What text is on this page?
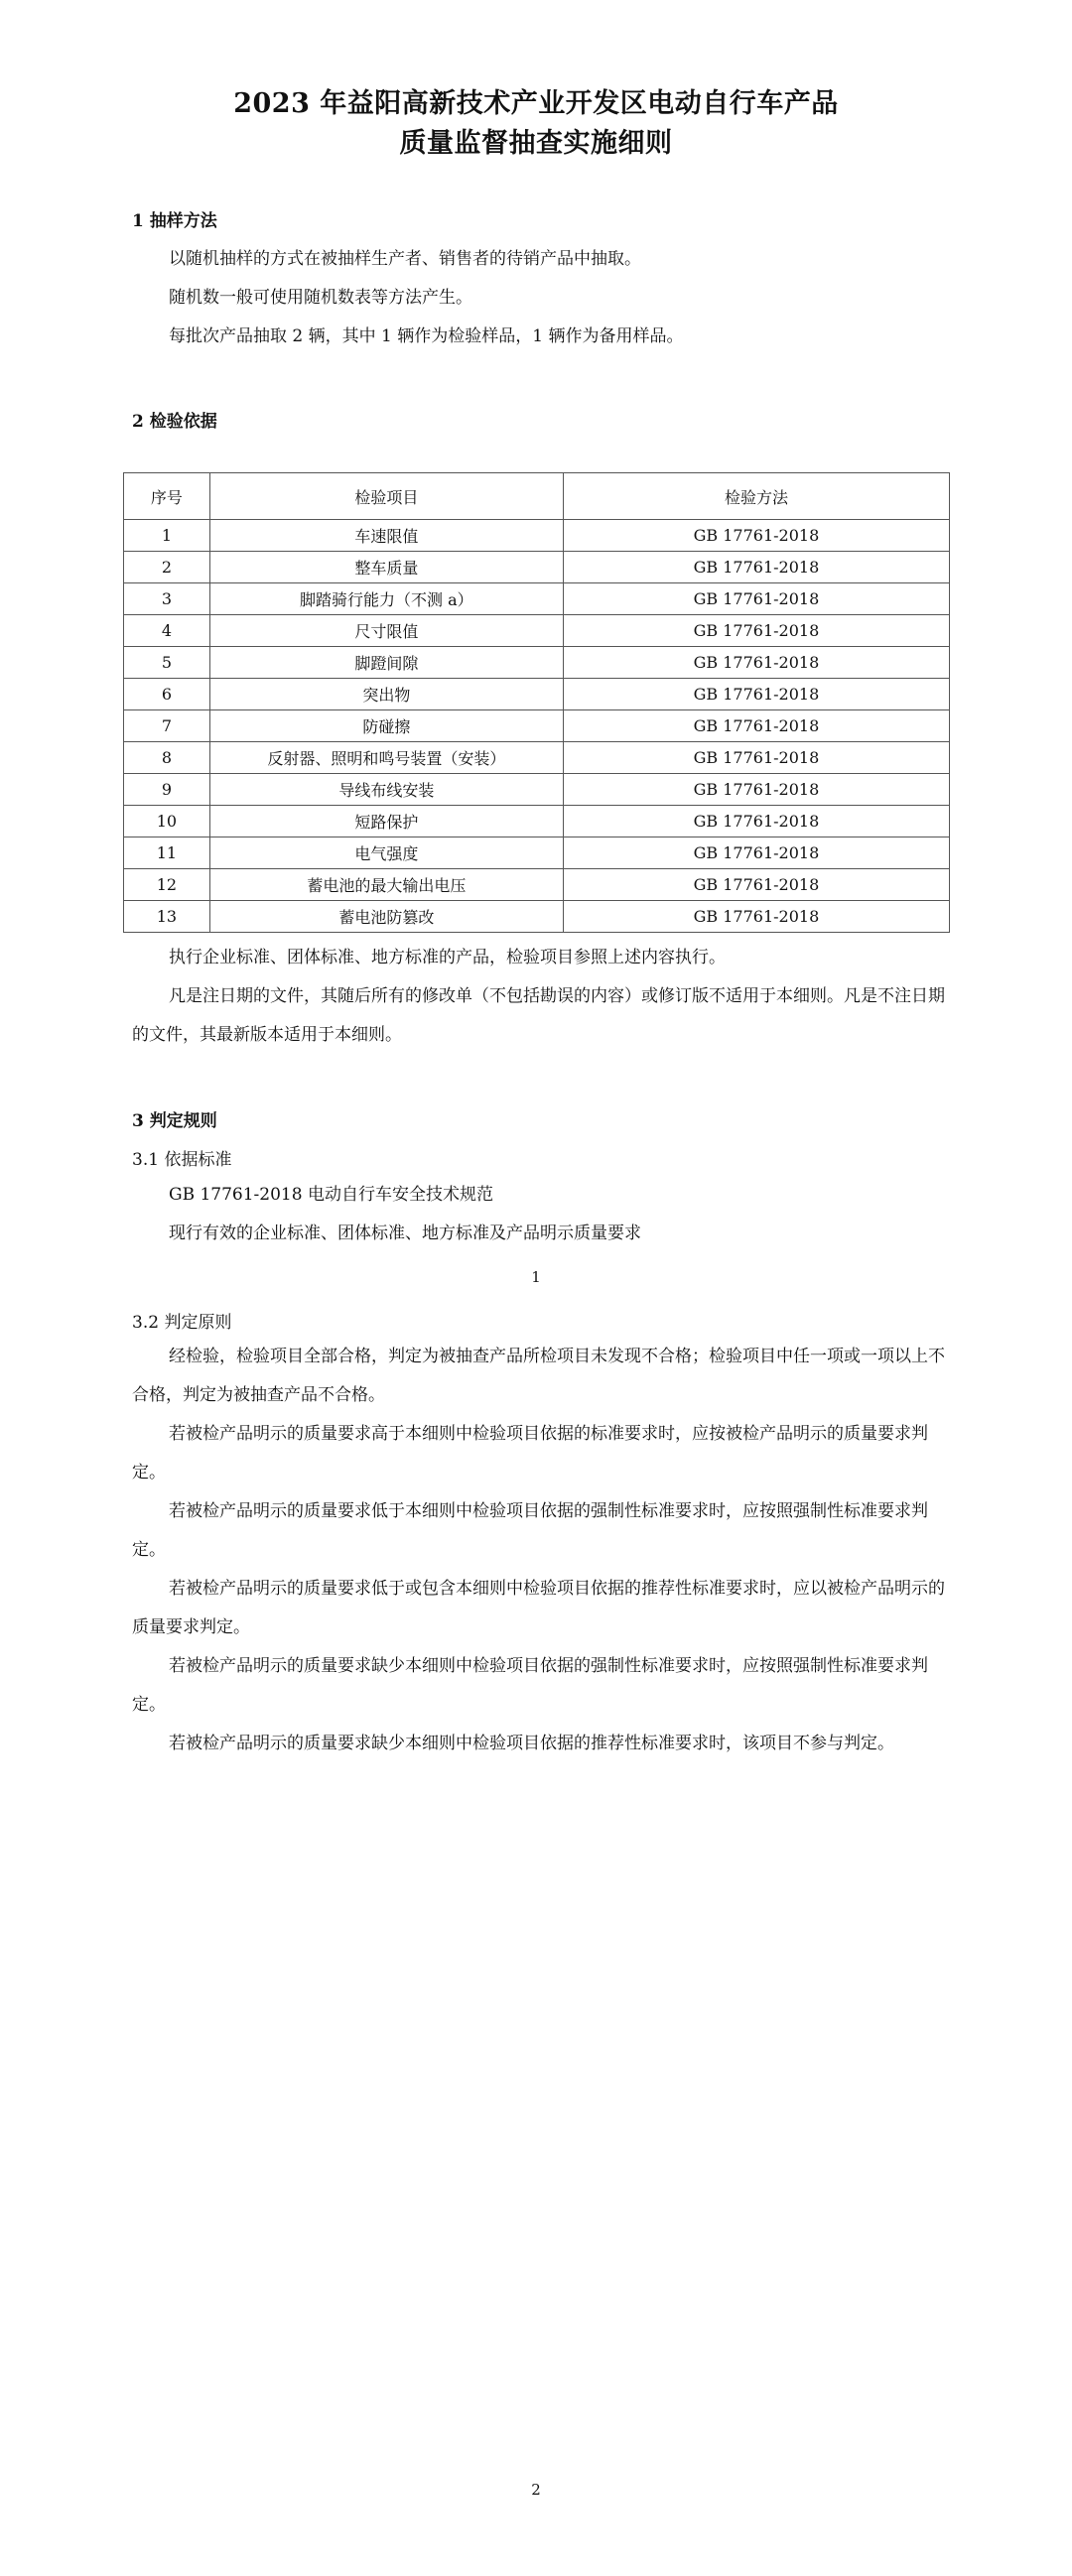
2023 年益阳高新技术产业开发区电动自行车产品
质量监督抽查实施细则
1 抽样方法
以随机抽样的方式在被抽样生产者、销售者的待销产品中抽取。
随机数一般可使用随机数表等方法产生。
每批次产品抽取 2 辆，其中 1 辆作为检验样品，1 辆作为备用样品。
2 检验依据
序号	检验项目	检验方法
1	车速限值	GB 17761-2018
2	整车质量	GB 17761-2018
3	脚踏骑行能力（不测 a）	GB 17761-2018
4	尺寸限值	GB 17761-2018
5	脚蹬间隙	GB 17761-2018
6	突出物	GB 17761-2018
7	防碰擦	GB 17761-2018
8	反射器、照明和鸣号装置（安装）	GB 17761-2018
9	导线布线安装	GB 17761-2018
10	短路保护	GB 17761-2018
11	电气强度	GB 17761-2018
12	蓄电池的最大输出电压	GB 17761-2018
13	蓄电池防篡改	GB 17761-2018
执行企业标准、团体标准、地方标准的产品，检验项目参照上述内容执行。
凡是注日期的文件，其随后所有的修改单（不包括勘误的内容）或修订版不适用于本细则。凡是不注日期的文件，其最新版本适用于本细则。
3 判定规则
3.1 依据标准
GB 17761-2018 电动自行车安全技术规范
现行有效的企业标准、团体标准、地方标准及产品明示质量要求
1
3.2 判定原则
经检验，检验项目全部合格，判定为被抽查产品所检项目未发现不合格；检验项目中任一项或一项以上不合格，判定为被抽查产品不合格。
若被检产品明示的质量要求高于本细则中检验项目依据的标准要求时，应按被检产品明示的质量要求判定。
若被检产品明示的质量要求低于本细则中检验项目依据的强制性标准要求时，应按照强制性标准要求判定。
若被检产品明示的质量要求低于或包含本细则中检验项目依据的推荐性标准要求时，应以被检产品明示的质量要求判定。
若被检产品明示的质量要求缺少本细则中检验项目依据的强制性标准要求时，应按照强制性标准要求判定。
若被检产品明示的质量要求缺少本细则中检验项目依据的推荐性标准要求时，该项目不参与判定。
2
